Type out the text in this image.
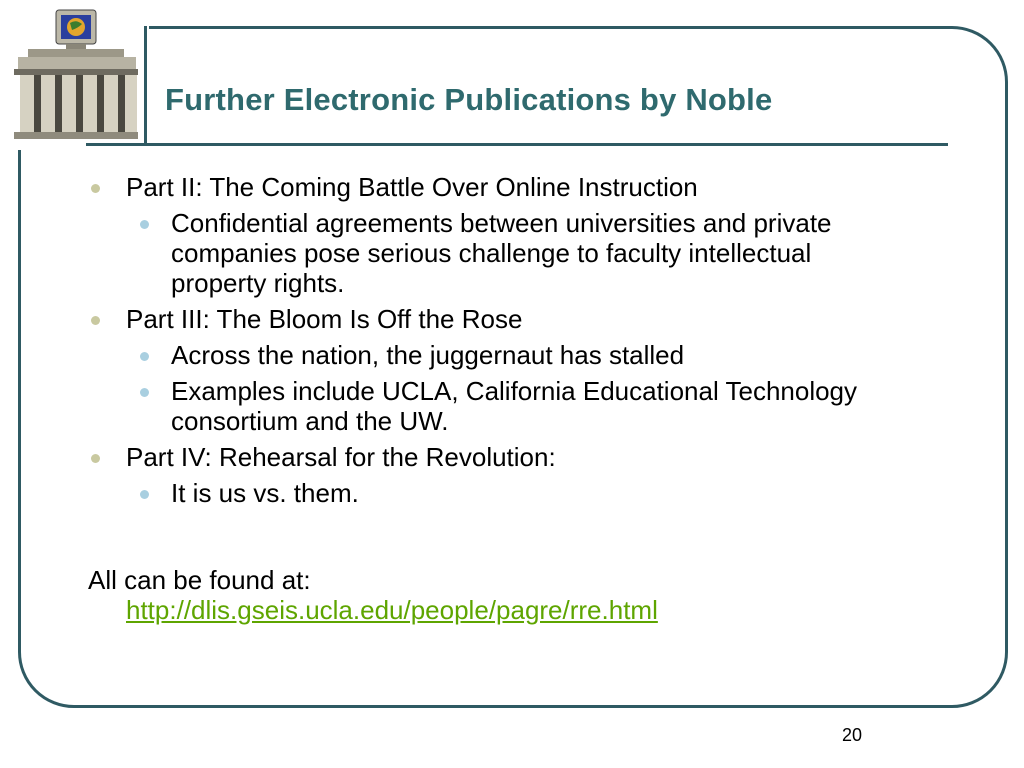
Further Electronic Publications by Noble
Part II: The Coming Battle Over Online Instruction
Confidential agreements between universities and private companies pose serious challenge to faculty intellectual property rights.
Part III: The Bloom Is Off the Rose
Across the nation, the juggernaut has stalled
Examples include UCLA, California Educational Technology consortium and the UW.
Part IV: Rehearsal for the Revolution:
It is us vs. them.
All can be found at:
http://dlis.gseis.ucla.edu/people/pagre/rre.html
20
